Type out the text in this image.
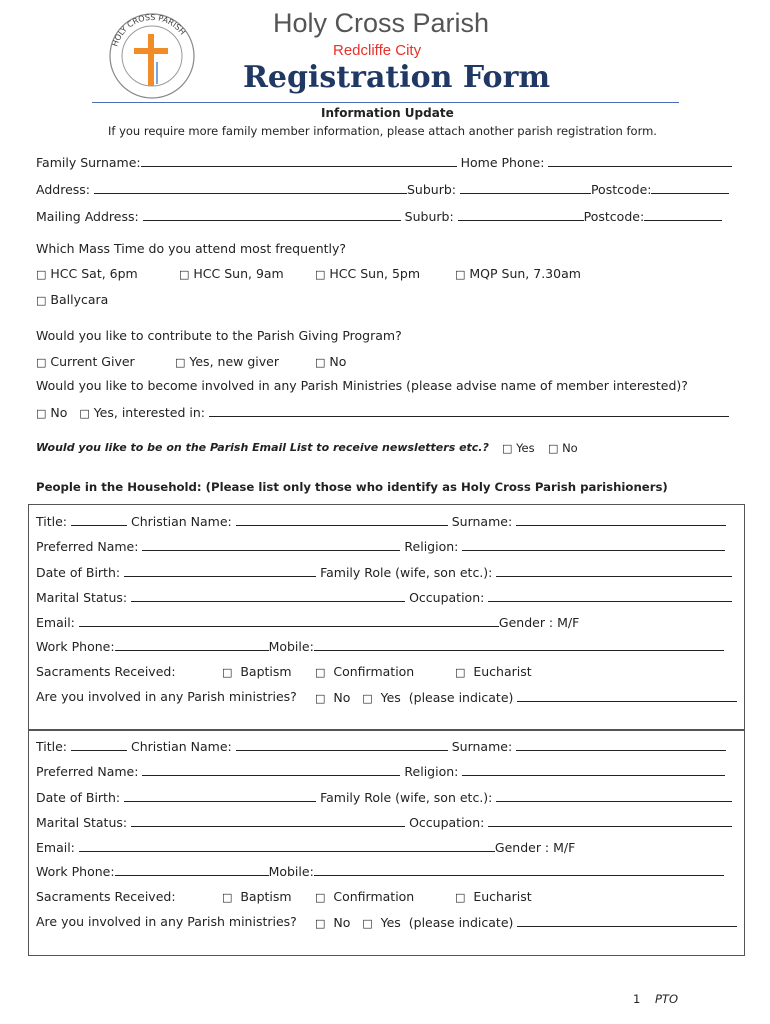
HOLY CROSS PARISH	Holy Cross Parish
Redcliffe City
Registration Form
Information Update
If you require more family member information, please attach another parish registration form.
Family Surname:	Home Phone:
Address:	Suburb:	Postcode:
Mailing Address:	Suburb:	Postcode:
Which Mass Time do you attend most frequently?
□ HCC Sat, 6pm	□ HCC Sun, 9am	□ HCC Sun, 5pm	□ MQP Sun, 7.30am
□ Ballycara
Would you like to contribute to the Parish Giving Program?
□ Current Giver	□ Yes, new giver	□ No
Would you like to become involved in any Parish Ministries (please advise name of member interested)?
□ No □ Yes, interested in:
Would you like to be on the Parish Email List to receive newsletters etc.? □ Yes □ No
People in the Household: (Please list only those who identify as Holy Cross Parish parishioners)
Title:	Christian Name:	Surname:
Preferred Name:	Religion:
Date of Birth:	Family Role (wife, son etc.):
Marital Status:	Occupation:
Email:	Gender : M/F
Work Phone:	Mobile:
Sacraments Received:	□ Baptism □ Confirmation	□ Eucharist
Are you involved in any Parish ministries? □ No □ Yes  (please indicate)
Title:	Christian Name:	Surname:
Preferred Name:	Religion:
Date of Birth:	Family Role (wife, son etc.):
Marital Status:	Occupation:
Email:	Gender : M/F
Work Phone:	Mobile:
Sacraments Received:	□ Baptism □ Confirmation	□ Eucharist
Are you involved in any Parish ministries? □ No □ Yes  (please indicate)
1 PTO
